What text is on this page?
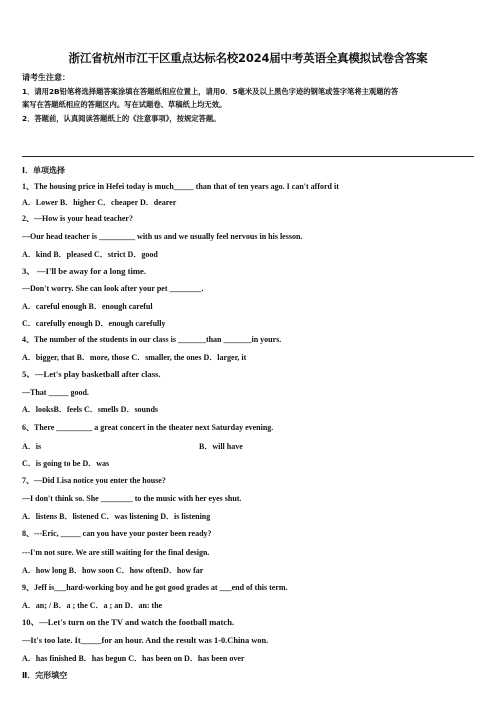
浙江省杭州市江干区重点达标名校2024届中考英语全真模拟试卷含答案
请考生注意：
1．请用2B铅笔将选择题答案涂填在答题纸相应位置上，请用0．5毫米及以上黑色字迹的钢笔或签字笔将主观题的答
案写在答题纸相应的答题区内。写在试题卷、草稿纸上均无效。
2．答题前，认真阅读答题纸上的《注意事项》，按规定答题。
Ⅰ．单项选择
1、The housing price in Hefei today is much_____ than that of ten years ago. I can't afford it
A．Lower B．higher C．cheaper D．dearer
2、—How is your head teacher?
—Our head teacher is _________ with us and we usually feel nervous in his lesson.
A．kind B．pleased C．strict D．good
3、 —I'll be away for a long time.
—Don't worry. She can look after your pet ________.
A．careful enough B．enough careful
C．carefully enough D．enough carefully
4、The number of the students in our class is _______than _______in yours.
A．bigger, that B．more, those C．smaller, the ones D．larger, it
5、—Let's play basketball after class.
—That _____ good.
A．looksB．feels C．smells D．sounds
6、There _________ a great concert in the theater next Saturday evening.
A．is	B．will have
C．is going to be D．was
7、—Did Lisa notice you enter the house?
—I don't think so. She ________ to the music with her eyes shut.
A．listens B．listened C．was listening D．is listening
8、---Eric, _____ can you have your poster been ready?
---I'm not sure. We are still waiting for the final design.
A．how long B．how soon C．how oftenD．how far
9、Jeff is___hard-working boy and he got good grades at ___end of this term.
A．an; / B．a ; the C．a ; an D．an: the
10、—Let's turn on the TV and watch the football match.
—It's too late. It_____for an hour. And the result was 1-0.China won.
A．has finished B．has begun C．has been on D．has been over
Ⅱ．完形填空
